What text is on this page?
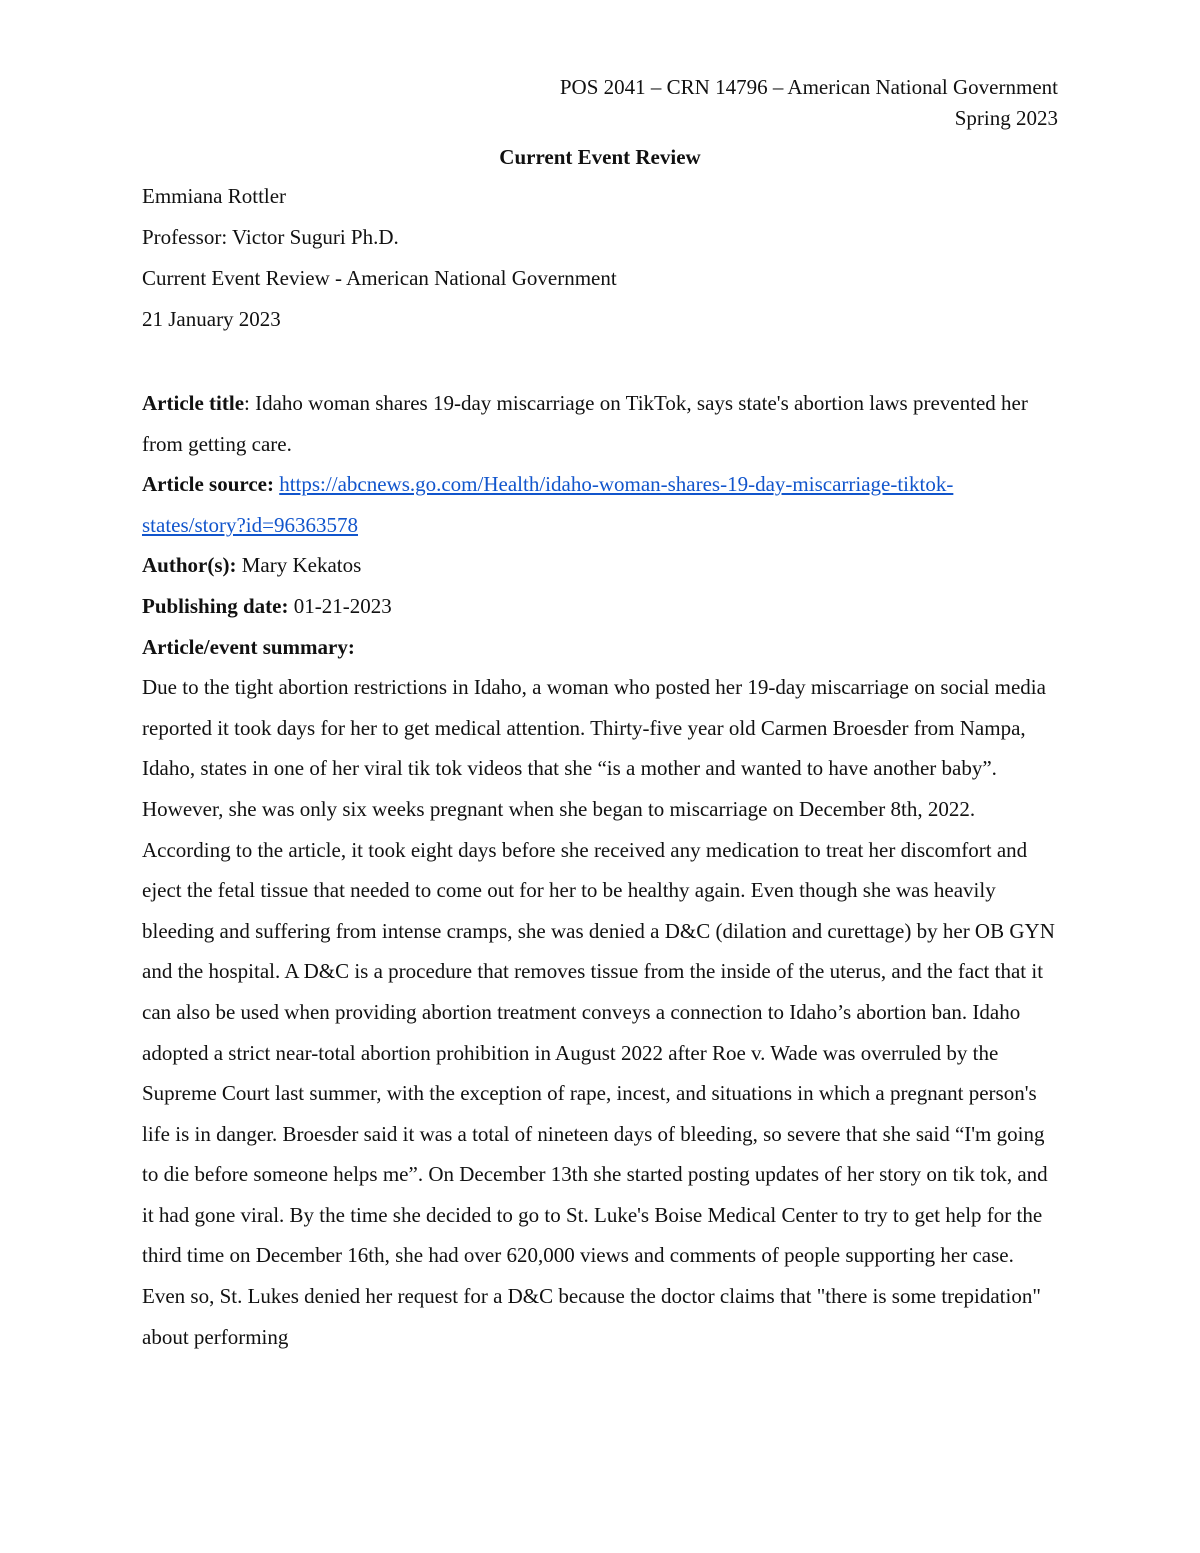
POS 2041 – CRN 14796 – American National Government
Spring 2023
Current Event Review

Emmiana Rottler

Professor: Victor Suguri Ph.D.

Current Event Review - American National Government

21 January 2023

Article title: Idaho woman shares 19-day miscarriage on TikTok, says state's abortion laws prevented her from getting care.

Article source: https://abcnews.go.com/Health/idaho-woman-shares-19-day-miscarriage-tiktok-states/story?id=96363578

Author(s): Mary Kekatos

Publishing date: 01-21-2023

Article/event summary:

Due to the tight abortion restrictions in Idaho, a woman who posted her 19-day miscarriage on social media reported it took days for her to get medical attention. Thirty-five year old Carmen Broesder from Nampa, Idaho, states in one of her viral tik tok videos that she “is a mother and wanted to have another baby”. However, she was only six weeks pregnant when she began to miscarriage on December 8th, 2022. According to the article, it took eight days before she received any medication to treat her discomfort and eject the fetal tissue that needed to come out for her to be healthy again. Even though she was heavily bleeding and suffering from intense cramps, she was denied a D&C (dilation and curettage) by her OB GYN and the hospital. A D&C is a procedure that removes tissue from the inside of the uterus, and the fact that it can also be used when providing abortion treatment conveys a connection to Idaho’s abortion ban. Idaho adopted a strict near-total abortion prohibition in August 2022 after Roe v. Wade was overruled by the Supreme Court last summer, with the exception of rape, incest, and situations in which a pregnant person's life is in danger. Broesder said it was a total of nineteen days of bleeding, so severe that she said “I'm going to die before someone helps me”. On December 13th she started posting updates of her story on tik tok, and it had gone viral. By the time she decided to go to St. Luke's Boise Medical Center to try to get help for the third time on December 16th, she had over 620,000 views and comments of people supporting her case. Even so, St. Lukes denied her request for a D&C because the doctor claims that "there is some trepidation" about performing
